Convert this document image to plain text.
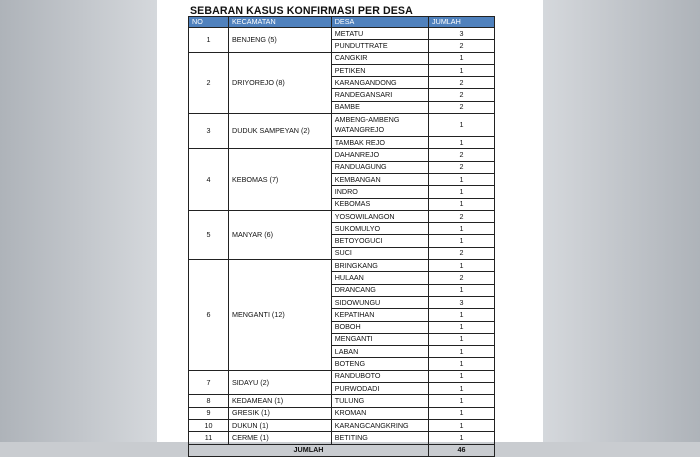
SEBARAN KASUS KONFIRMASI PER DESA
NO	KECAMATAN	DESA	JUMLAH
1	BENJENG (5)	METATU	3
		PUNDUTTRATE	2
2	DRIYOREJO (8)	CANGKIR	1
		PETIKEN	1
		KARANGANDONG	2
		RANDEGANSARI	2
		BAMBE	2
3	DUDUK SAMPEYAN (2)	AMBENG-AMBENG WATANGREJO	1
		TAMBAK REJO	1
4	KEBOMAS (7)	DAHANREJO	2
		RANDUAGUNG	2
		KEMBANGAN	1
		INDRO	1
		KEBOMAS	1
5	MANYAR (6)	YOSOWILANGON	2
		SUKOMULYO	1
		BETOYOGUCI	1
		SUCI	2
6	MENGANTI (12)	BRINGKANG	1
		HULAAN	2
		DRANCANG	1
		SIDOWUNGU	3
		KEPATIHAN	1
		BOBOH	1
		MENGANTI	1
		LABAN	1
		BOTENG	1
7	SIDAYU (2)	RANDUBOTO	1
		PURWODADI	1
8	KEDAMEAN (1)	TULUNG	1
9	GRESIK (1)	KROMAN	1
10	DUKUN (1)	KARANGCANGKRING	1
11	CERME (1)	BETITING	1
JUMLAH			46
